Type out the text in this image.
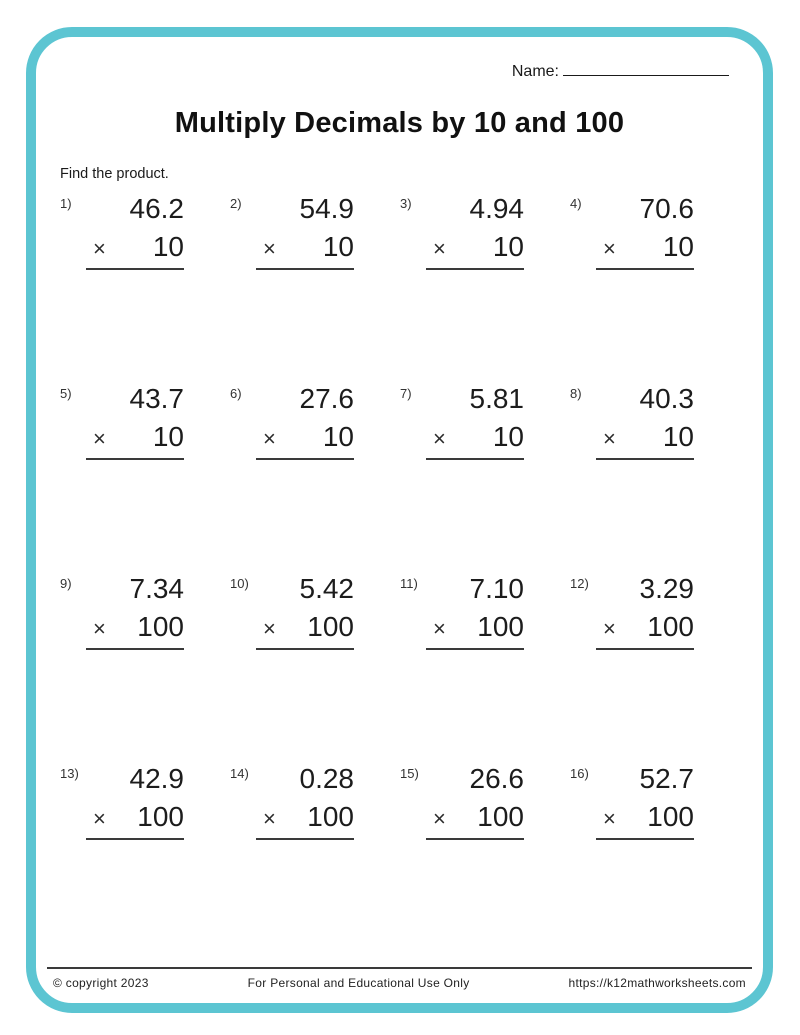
Name:
Multiply Decimals by 10 and 100
Find the product.
1)	46.2
× 10
2)	54.9
× 10
3)	4.94
× 10
4)	70.6
× 10
5)	43.7
× 10
6)	27.6
× 10
7)	5.81
× 10
8)	40.3
× 10
9)	7.34
× 100
10)	5.42
× 100
11)	7.10
× 100
12)	3.29
× 100
13)	42.9
× 100
14)	0.28
× 100
15)	26.6
× 100
16)	52.7
× 100
© copyright 2023	For Personal and Educational Use Only	https://k12mathworksheets.com
